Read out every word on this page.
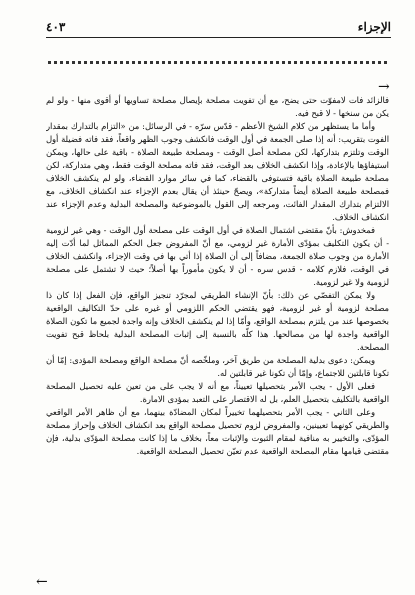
الإجزاء
٤٠٣
→

فالزائد فات لامفوّت حتى يضح، مع أن تفويت مصلحة بإيصال مصلحة تساويها أو أقوى منها - ولو لم يكن من سنخها - لا قبح فيه.

وأما ما يستظهر من كلام الشيخ الأعظم - قدّس سرّه - في الرسائل: من «التزام بالتدارك بمقدار الفوت بتقريب: أنه إذا صلى الجمعة في أول الوقت فانكشف وجوب الظهر واقعاً، فقد فاته فضيلة أول الوقت وتلتزم بتداركها، لكن مصلحة أصل الوقت - ومصلحة طبيعة الصلاة - باقية على حالها، ويمكن استيفاؤها بالإعادة، وإذا انكشف الخلاف بعد الوقت، فقد فاته مصلحة الوقت فقط، وهي متداركة، لكن مصلحة طبيعة الصلاة باقية فتستوفى بالقضاء، كما في سائر موارد القضاء، ولو لم ينكشف الخلاف فمصلحة طبيعة الصلاة أيضاً متداركة»، ويصحّ حينئذ أن يقال بعدم الإجزاء عند انكشاف الخلاف، مع الالتزام بتدارك المقدار الفائت، ومرجعه إلى القول بالموضوعية والمصلحة البدلية وعدم الإجزاء عند انكشاف الخلاف.

فمخدوش: بأنّ مقتضى اشتمال الصلاة في أول الوقت على مصلحة أول الوقت - وهي غير لزومية - أن يكون التكليف بمؤدّى الأمارة غير لزومي، مع أنّ المفروض جعل الحكم المماثل لما أدّت إليه الأمارة من وجوب صلاة الجمعة، مضافاً إلى أن الصلاة إذا أتي بها في وقت الإجزاء، وانكشف الخلاف في الوقت، فلازم كلامه - قدس سره - أن لا يكون مأموراً بها أصلاً؛ حيث لا تشتمل على مصلحة لزومية ولا غير لزومية.

ولا يمكن التفصّي عن ذلك: بأنّ الإنشاء الطريقي لمجرّد تنجيز الواقع، فإن الفعل إذا كان ذا مصلحة لزومية أو غير لزومية، فهو يقتضي الحكم اللزومي أو غيره على حدّ التكاليف الواقعية بخصوصها عند من يلتزم بمصلحة الواقع، وأمّا إذا لم ينكشف الخلاف وإنه واجدة لجميع ما تكون الصلاة الواقعية واجدة لها من مصالحها. هذا كلّه بالنسبة إلى إثبات المصلحة البدلية بلحاظ قبح تفويت المصلحة.

ويمكن: دعوى بدلية المصلحة من طريق آخر، وملخّصه أنّ مصلحة الواقع ومصلحة المؤدى: إمّا أن تكونا قابلتين للاجتماع، وإمّا أن تكونا غير قابلتين له.

فعلى الأول - يجب الأمر بتحصيلها تعييناً، مع أنه لا يجب على من تعين عليه تحصيل المصلحة الواقعية بالتكليف بتحصيل العلم، بل له الاقتصار على التعبد بمؤدى الامارة.

وعلى الثاني - يجب الأمر بتحصيلهما تخييراً لمكان المضادّة بينهما، مع أن ظاهر الأمر الواقعي والطريقي كونهما تعيينين، والمفروض لزوم تحصيل مصلحة الواقع بعد انكشاف الخلاف وإحراز مصلحة المؤدّى، والتخيير به منافية لمقام الثبوت والإثبات معاً، بخلاف ما إذا كانت مصلحة المؤدّى بدلية، فإن مقتضى قيامها مقام المصلحة الواقعية عدم تعيّن تحصيل المصلحة الواقعية.

←
